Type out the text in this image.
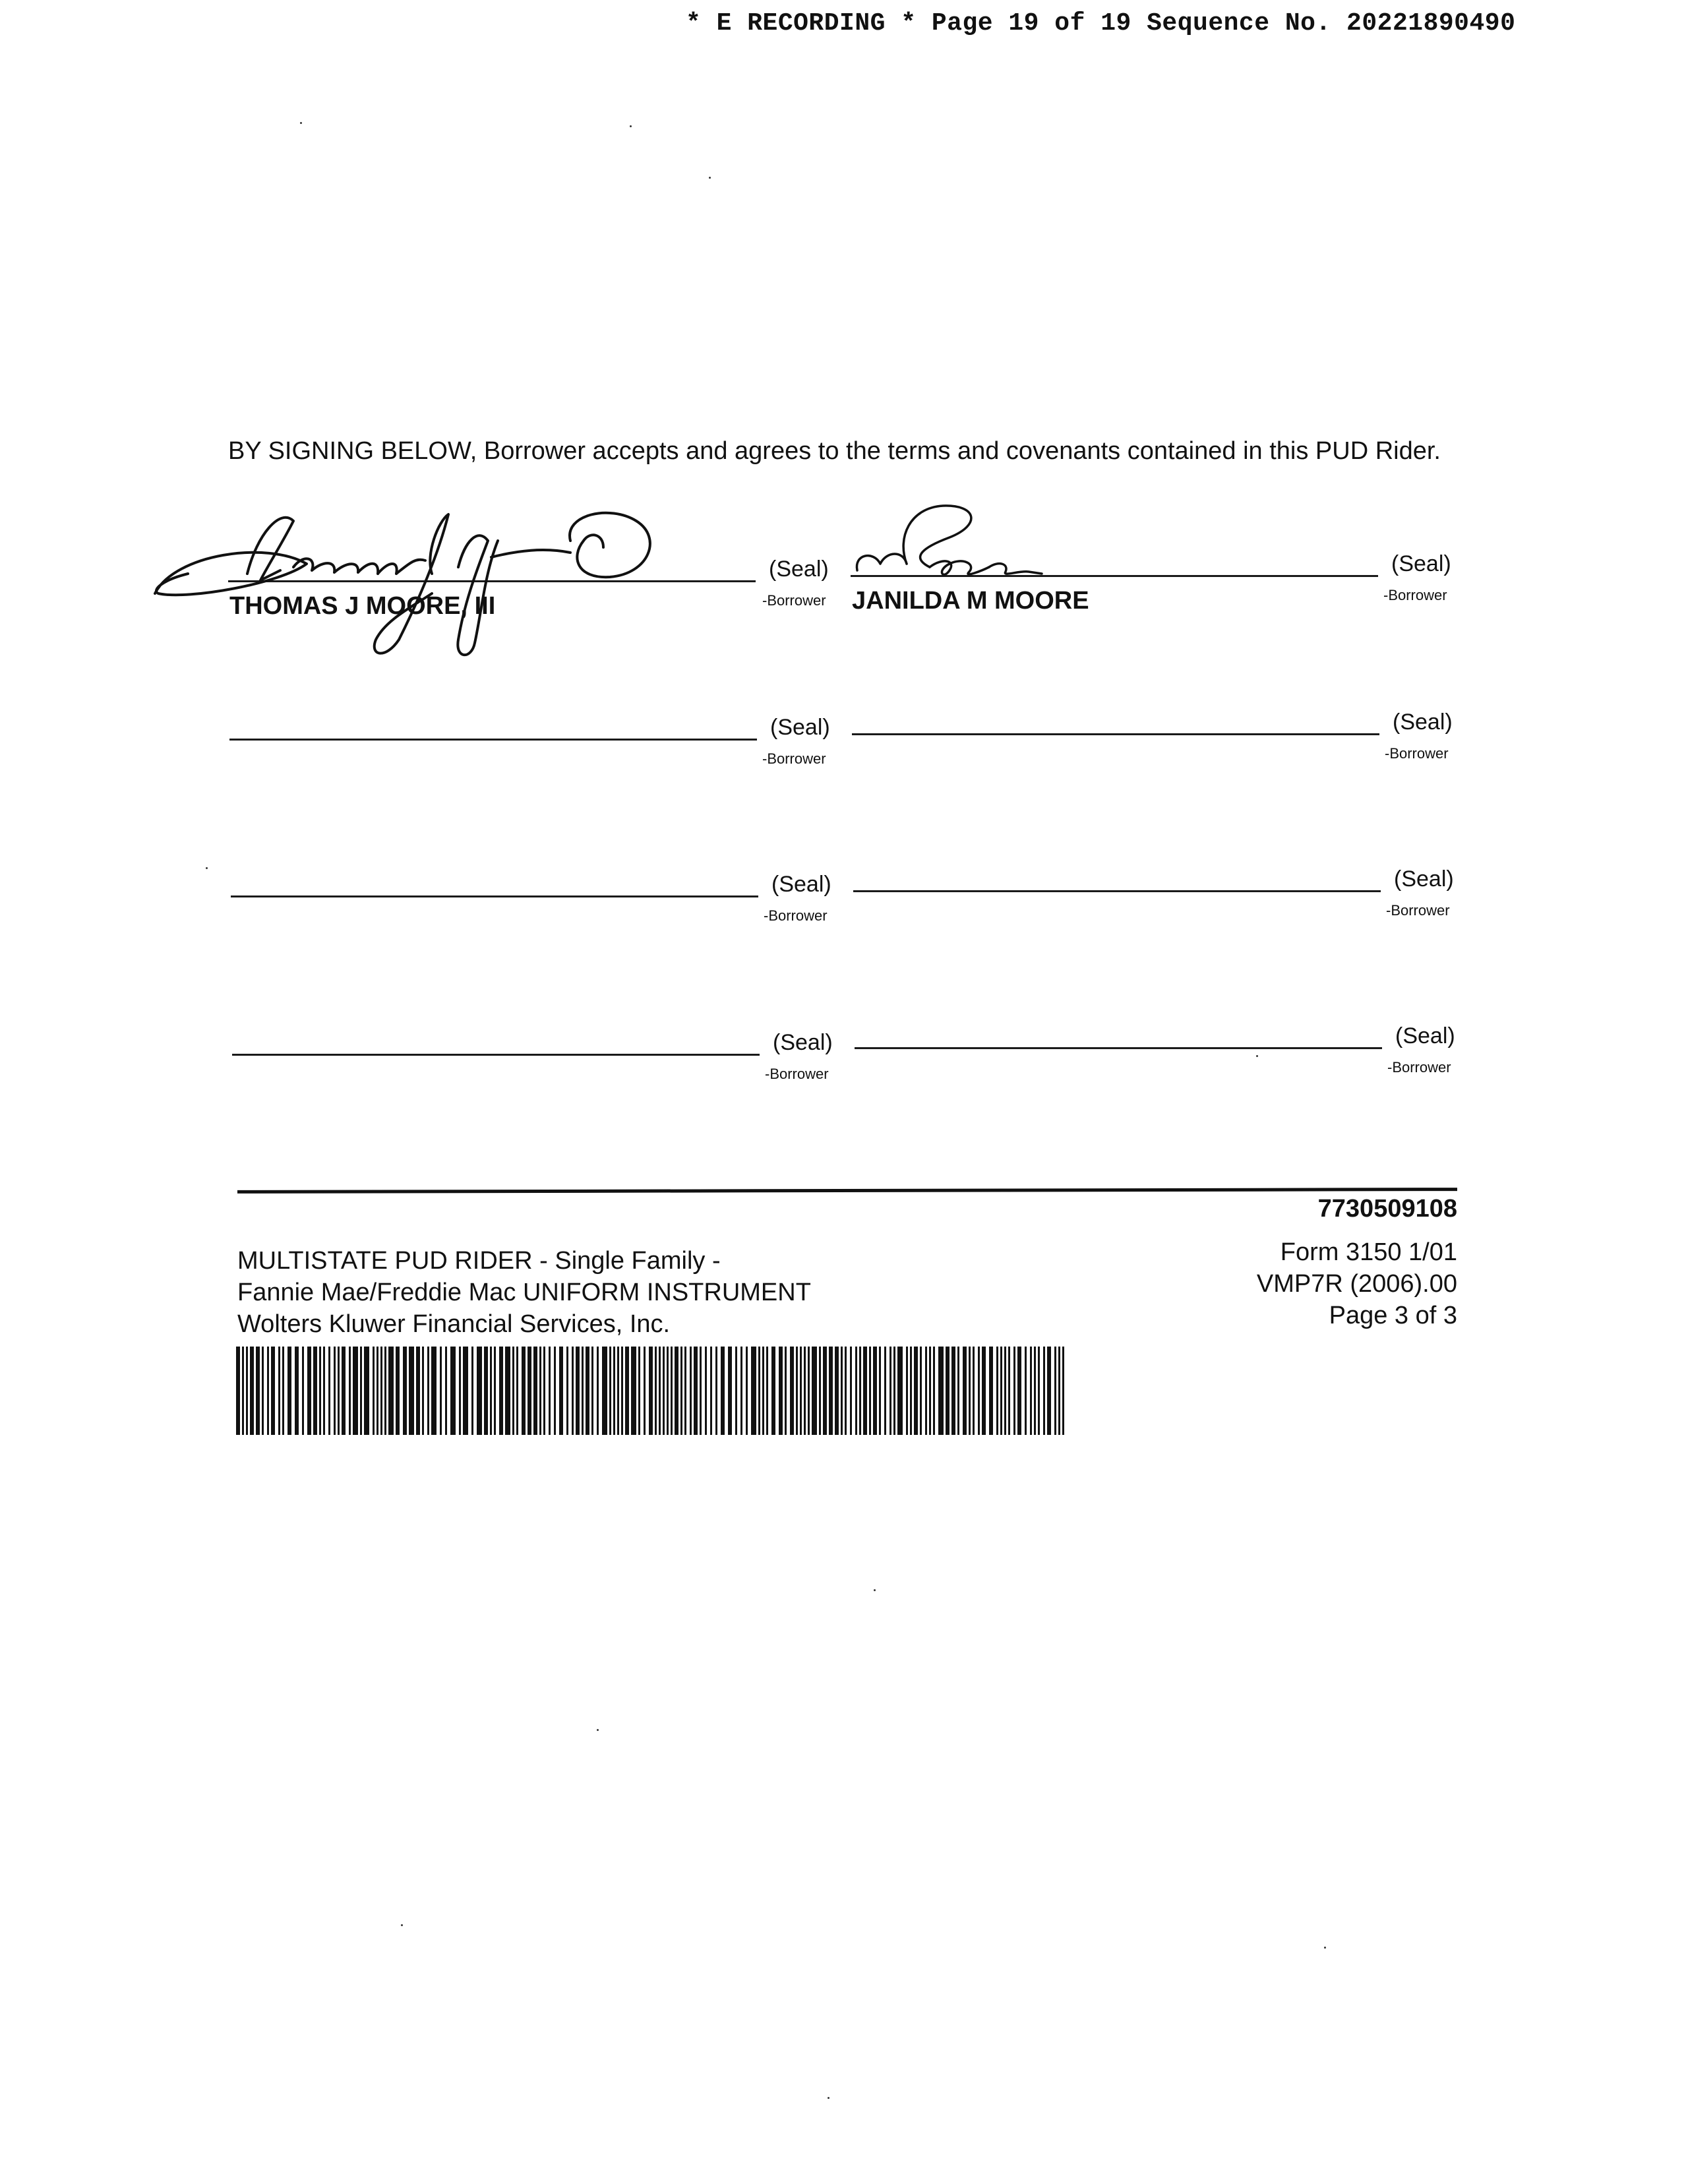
* E RECORDING * Page 19 of 19 Sequence No. 20221890490
BY SIGNING BELOW, Borrower accepts and agrees to the terms and covenants contained in this PUD Rider.
(Seal)
-Borrower
THOMAS J MOORE, III
(Seal)
-Borrower
JANILDA M MOORE
(Seal)
-Borrower
(Seal)
-Borrower
(Seal)
-Borrower
(Seal)
-Borrower
(Seal)
-Borrower
(Seal)
-Borrower
7730509108
MULTISTATE PUD RIDER - Single Family -
Fannie Mae/Freddie Mac UNIFORM INSTRUMENT
Wolters Kluwer Financial Services, Inc.
Form 3150 1/01
VMP7R (2006).00
Page 3 of 3
